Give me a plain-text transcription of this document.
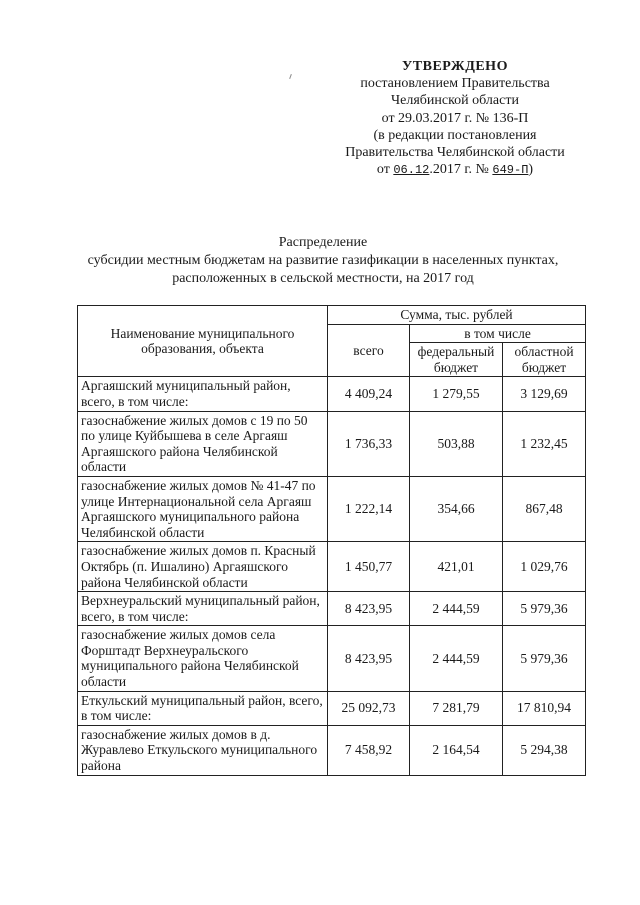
УТВЕРЖДЕНО
постановлением Правительства
Челябинской области
от 29.03.2017 г. № 136-П
(в редакции постановления
Правительства Челябинской области
от 06.12.2017 г. № 649-П)
Распределение
субсидии местным бюджетам на развитие газификации в населенных пунктах,
расположенных в сельской местности, на 2017 год
Наименование муниципального образования, объекта	Сумма, тыс. рублей		
	всего	в том числе	
		федеральный бюджет	областной бюджет
Аргаяшский муниципальный район, всего, в том числе:	4 409,24	1 279,55	3 129,69
газоснабжение жилых домов с 19 по 50 по улице Куйбышева в селе Аргаяш Аргаяшского района Челябинской области	1 736,33	503,88	1 232,45
газоснабжение жилых домов № 41-47 по улице Интернациональной села Аргаяш Аргаяшского муниципального района Челябинской области	1 222,14	354,66	867,48
газоснабжение жилых домов п. Красный Октябрь (п. Ишалино) Аргаяшского района Челябинской области	1 450,77	421,01	1 029,76
Верхнеуральский муниципальный район, всего, в том числе:	8 423,95	2 444,59	5 979,36
газоснабжение жилых домов села Форштадт Верхнеуральского муниципального района Челябинской области	8 423,95	2 444,59	5 979,36
Еткульский муниципальный район, всего, в том числе:	25 092,73	7 281,79	17 810,94
газоснабжение жилых домов в д. Журавлево Еткульского муниципального района	7 458,92	2 164,54	5 294,38
